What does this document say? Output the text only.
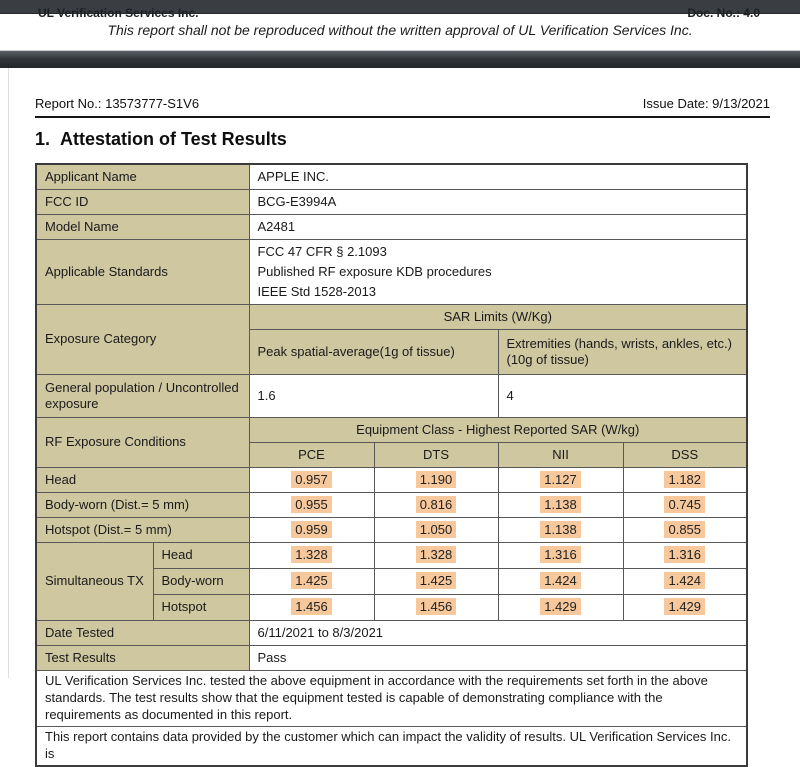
UL Verification Services Inc.	Doc. No.: 4.0
This report shall not be reproduced without the written approval of UL Verification Services Inc.
Report No.: 13573777-S1V6	Issue Date: 9/13/2021
1. Attestation of Test Results
Applicant Name		APPLE INC.			
FCC ID		BCG-E3994A			
Model Name		A2481			
Applicable Standards		FCC 47 CFR § 2.1093
Published RF exposure KDB procedures
IEEE Std 1528-2013			

Exposure Category		SAR Limits (W/Kg)			
		Peak spatial-average(1g of tissue)		Extremities (hands, wrists, ankles, etc.)
(10g of tissue)	

General population / Uncontrolled exposure		1.6		4	
RF Exposure Conditions		Equipment Class - Highest Reported SAR (W/kg)			
		PCE	DTS	NII	DSS
Head		0.957	1.190	1.127	1.182
Body-worn (Dist.= 5 mm)		0.955	0.816	1.138	0.745
Hotspot (Dist.= 5 mm)		0.959	1.050	1.138	0.855
Simultaneous TX	Head	1.328	1.328	1.316	1.316
	Body-worn	1.425	1.425	1.424	1.424
	Hotspot	1.456	1.456	1.429	1.429
Date Tested		6/11/2021 to 8/3/2021			
Test Results		Pass			
UL Verification Services Inc. tested the above equipment in accordance with the requirements set forth in the above standards. The test results show that the equipment tested is capable of demonstrating compliance with the requirements as documented in this report.					
This report contains data provided by the customer which can impact the validity of results. UL Verification Services Inc. is					
